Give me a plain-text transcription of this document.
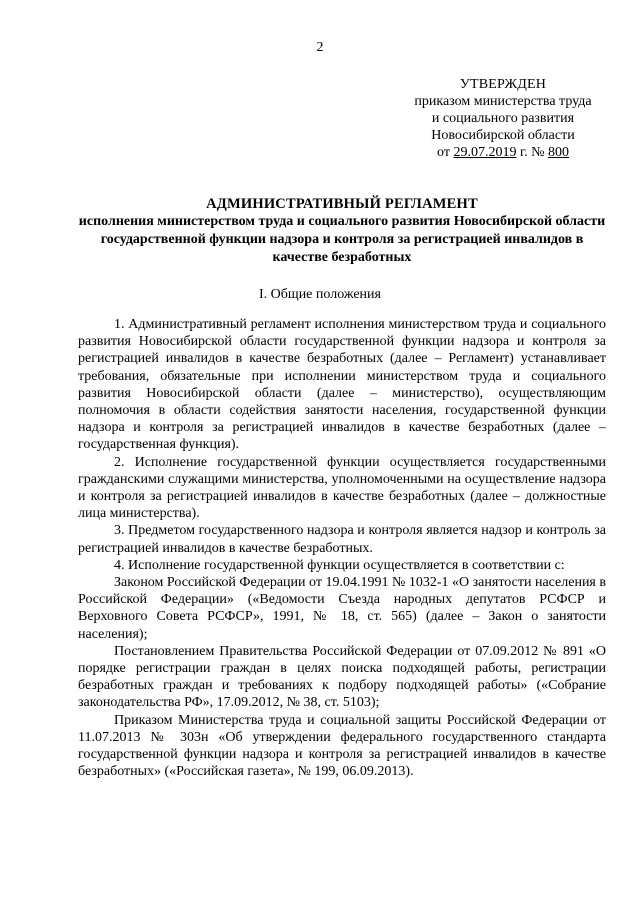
2
УТВЕРЖДЕН
приказом министерства труда
и социального развития
Новосибирской области
от 29.07.2019 г. № 800
АДМИНИСТРАТИВНЫЙ РЕГЛАМЕНТ
исполнения министерством труда и социального развития Новосибирской области государственной функции надзора и контроля за регистрацией инвалидов в качестве безработных
I. Общие положения

1. Административный регламент исполнения министерством труда и социального развития Новосибирской области государственной функции надзора и контроля за регистрацией инвалидов в качестве безработных (далее – Регламент) устанавливает требования, обязательные при исполнении министерством труда и социального развития Новосибирской области (далее – министерство), осуществляющим полномочия в области содействия занятости населения, государственной функции надзора и контроля за регистрацией инвалидов в качестве безработных (далее – государственная функция).

2. Исполнение государственной функции осуществляется государственными гражданскими служащими министерства, уполномоченными на осуществление надзора и контроля за регистрацией инвалидов в качестве безработных (далее – должностные лица министерства).

3. Предметом государственного надзора и контроля является надзор и контроль за регистрацией инвалидов в качестве безработных.

4. Исполнение государственной функции осуществляется в соответствии с:

Законом Российской Федерации от 19.04.1991 № 1032-1 «О занятости населения в Российской Федерации» («Ведомости Съезда народных депутатов РСФСР и Верховного Совета РСФСР», 1991, № 18, ст. 565) (далее – Закон о занятости населения);

Постановлением Правительства Российской Федерации от 07.09.2012 № 891 «О порядке регистрации граждан в целях поиска подходящей работы, регистрации безработных граждан и требованиях к подбору подходящей работы» («Собрание законодательства РФ», 17.09.2012, № 38, ст. 5103);

Приказом Министерства труда и социальной защиты Российской Федерации от 11.07.2013 № 303н «Об утверждении федерального государственного стандарта государственной функции надзора и контроля за регистрацией инвалидов в качестве безработных» («Российская газета», № 199, 06.09.2013).
